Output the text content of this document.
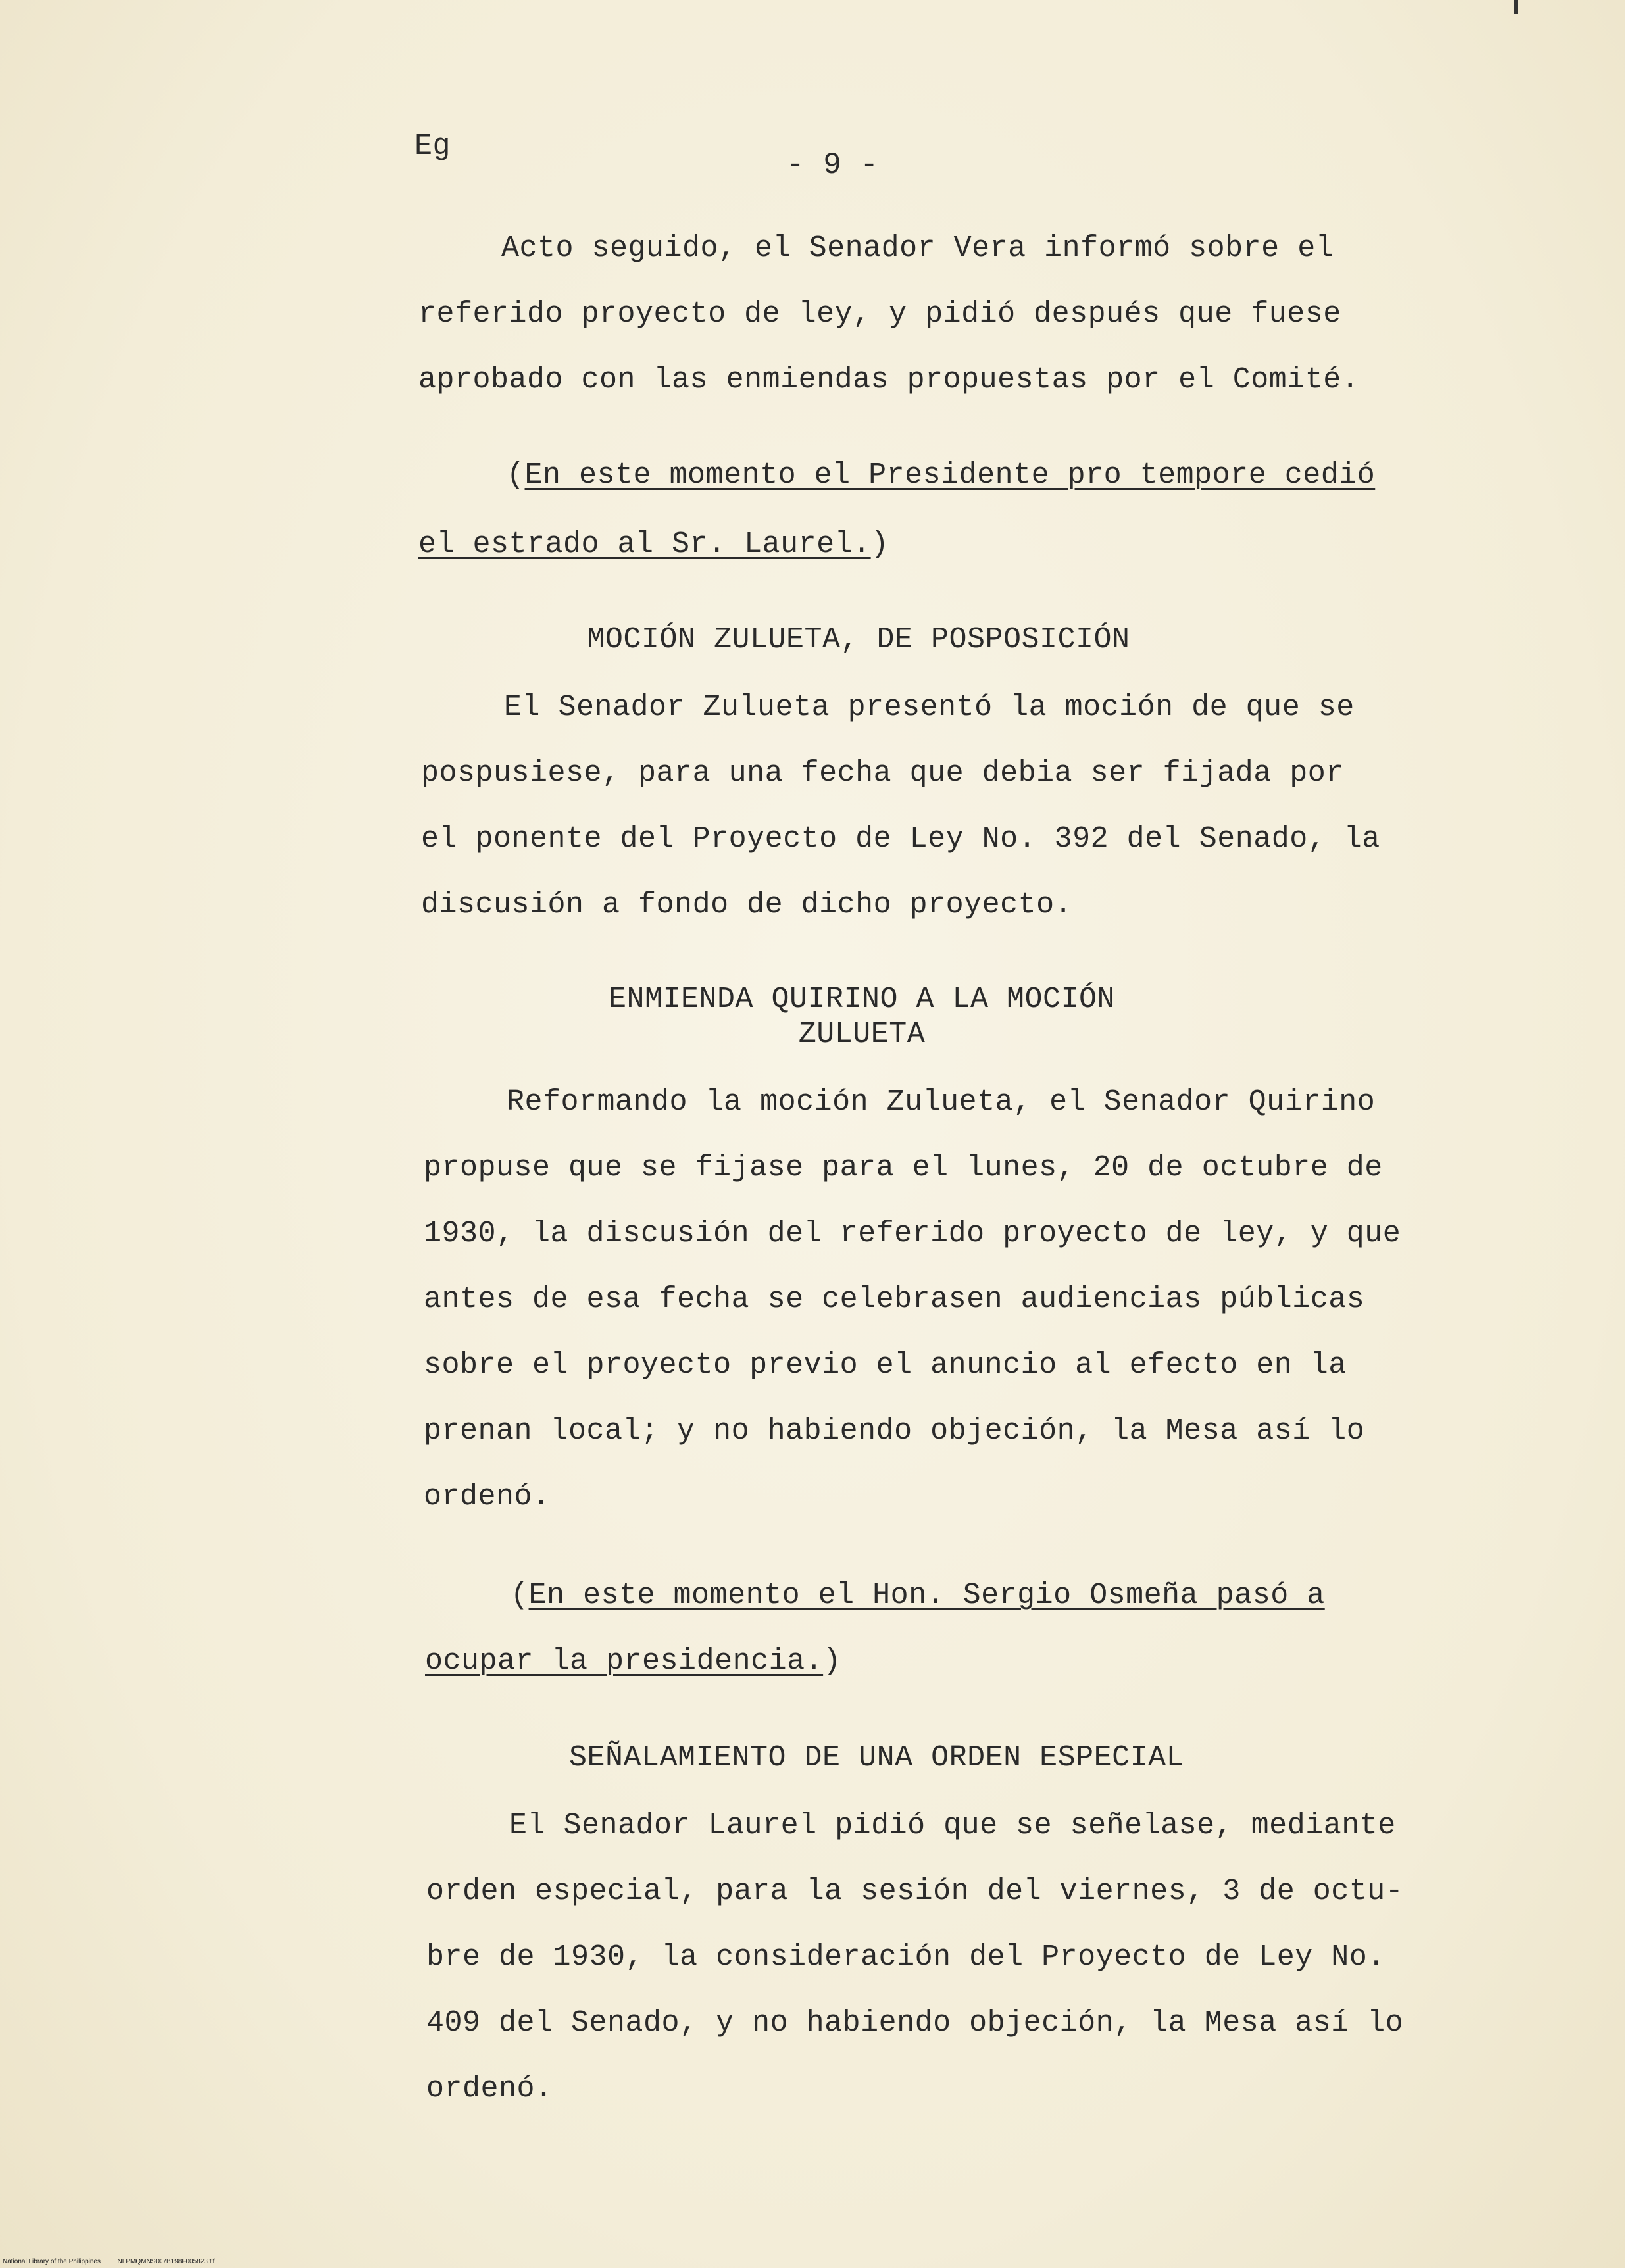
Eg
- 9 -
Acto seguido, el Senador Vera informó sobre el
referido proyecto de ley, y pidió después que fuese
aprobado con las enmiendas propuestas por el Comité.
(En este momento el Presidente pro tempore cedió
el estrado al Sr. Laurel.)
MOCIÓN ZULUETA, DE POSPOSICIÓN
El Senador Zulueta presentó la moción de que se
pospusiese, para una fecha que debia ser fijada por
el ponente del Proyecto de Ley No. 392 del Senado, la
discusión a fondo de dicho proyecto.
ENMIENDA QUIRINO A LA MOCIÓN
ZULUETA
Reformando la moción Zulueta, el Senador Quirino
propuse que se fijase para el lunes, 20 de octubre de
1930, la discusión del referido proyecto de ley, y que
antes de esa fecha se celebrasen audiencias públicas
sobre el proyecto previo el anuncio al efecto en la
prenan local; y no habiendo objeción, la Mesa así lo
ordenó.
(En este momento el Hon. Sergio Osmeña pasó a
ocupar la presidencia.)
SEÑALAMIENTO DE UNA ORDEN ESPECIAL
El Senador Laurel pidió que se señelase, mediante
orden especial, para la sesión del viernes, 3 de octu-
bre de 1930, la consideración del Proyecto de Ley No.
409 del Senado, y no habiendo objeción, la Mesa así lo
ordenó.
National Library of the Philippines	NLPMQMNS007B198F005823.tif
